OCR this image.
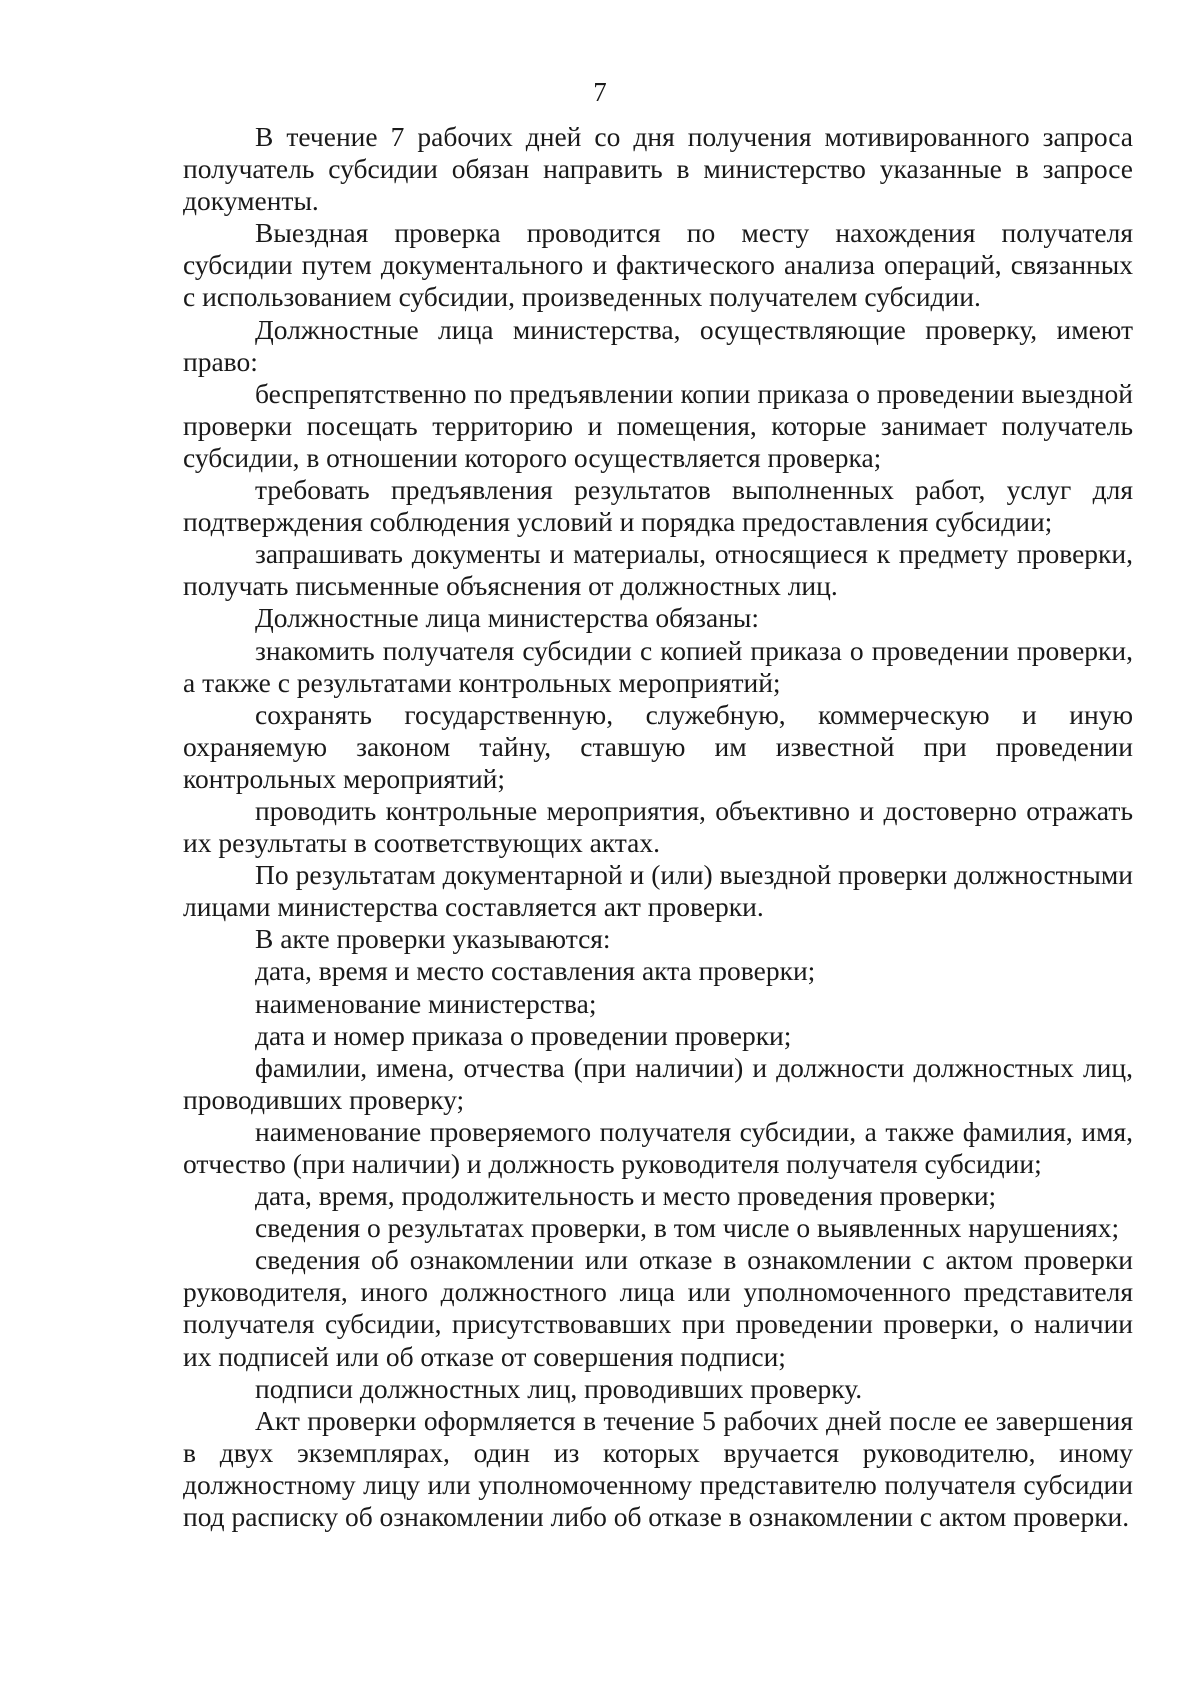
7

В течение 7 рабочих дней со дня получения мотивированного запроса получатель субсидии обязан направить в министерство указанные в запросе документы.

Выездная проверка проводится по месту нахождения получателя субсидии путем документального и фактического анализа операций, связанных с использованием субсидии, произведенных получателем субсидии.

Должностные лица министерства, осуществляющие проверку, имеют право:

беспрепятственно по предъявлении копии приказа о проведении выездной проверки посещать территорию и помещения, которые занимает получатель субсидии, в отношении которого осуществляется проверка;

требовать предъявления результатов выполненных работ, услуг для подтверждения соблюдения условий и порядка предоставления субсидии;

запрашивать документы и материалы, относящиеся к предмету проверки, получать письменные объяснения от должностных лиц.

Должностные лица министерства обязаны:

знакомить получателя субсидии с копией приказа о проведении проверки, а также с результатами контрольных мероприятий;

сохранять государственную, служебную, коммерческую и иную охраняемую законом тайну, ставшую им известной при проведении контрольных мероприятий;

проводить контрольные мероприятия, объективно и достоверно отражать их результаты в соответствующих актах.

По результатам документарной и (или) выездной проверки должностными лицами министерства составляется акт проверки.

В акте проверки указываются:

дата, время и место составления акта проверки;

наименование министерства;

дата и номер приказа о проведении проверки;

фамилии, имена, отчества (при наличии) и должности должностных лиц, проводивших проверку;

наименование проверяемого получателя субсидии, а также фамилия, имя, отчество (при наличии) и должность руководителя получателя субсидии;

дата, время, продолжительность и место проведения проверки;

сведения о результатах проверки, в том числе о выявленных нарушениях;

сведения об ознакомлении или отказе в ознакомлении с актом проверки руководителя, иного должностного лица или уполномоченного представителя получателя субсидии, присутствовавших при проведении проверки, о наличии их подписей или об отказе от совершения подписи;

подписи должностных лиц, проводивших проверку.

Акт проверки оформляется в течение 5 рабочих дней после ее завершения в двух экземплярах, один из которых вручается руководителю, иному должностному лицу или уполномоченному представителю получателя субсидии под расписку об ознакомлении либо об отказе в ознакомлении с актом проверки.
